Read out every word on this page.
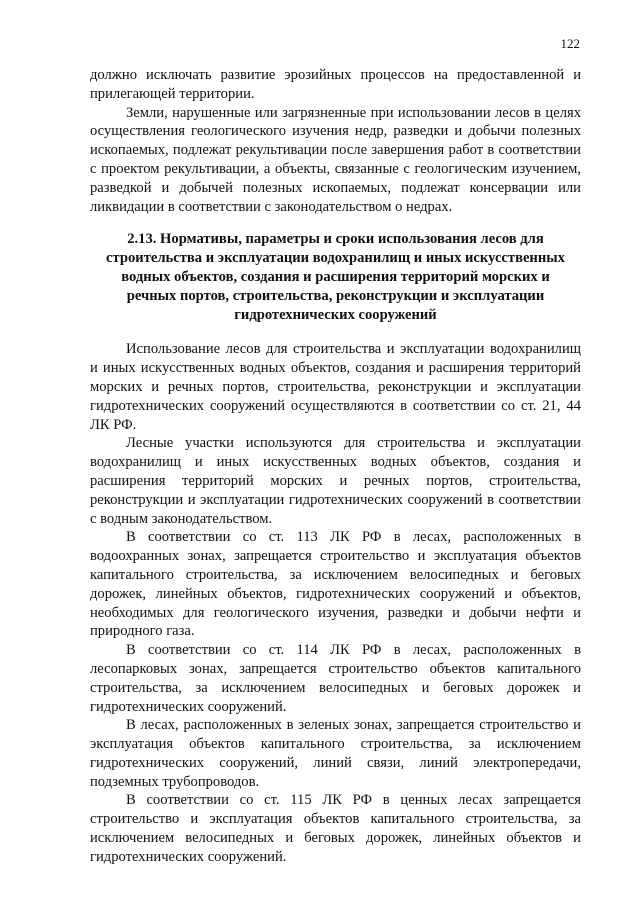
122

должно исключать развитие эрозийных процессов на предоставленной и прилегающей территории.

Земли, нарушенные или загрязненные при использовании лесов в целях осуществления геологического изучения недр, разведки и добычи полезных ископаемых, подлежат рекультивации после завершения работ в соответствии с проектом рекультивации, а объекты, связанные с геологическим изучением, разведкой и добычей полезных ископаемых, подлежат консервации или ликвидации в соответствии с законодательством о недрах.

2.13. Нормативы, параметры и сроки использования лесов для строительства и эксплуатации водохранилищ и иных искусственных водных объектов, создания и расширения территорий морских и речных портов, строительства, реконструкции и эксплуатации гидротехнических сооружений

Использование лесов для строительства и эксплуатации водохранилищ и иных искусственных водных объектов, создания и расширения территорий морских и речных портов, строительства, реконструкции и эксплуатации гидротехнических сооружений осуществляются в соответствии со ст. 21, 44 ЛК РФ.

Лесные участки используются для строительства и эксплуатации водохранилищ и иных искусственных водных объектов, создания и расширения территорий морских и речных портов, строительства, реконструкции и эксплуатации гидротехнических сооружений в соответствии с водным законодательством.

В соответствии со ст. 113 ЛК РФ в лесах, расположенных в водоохранных зонах, запрещается строительство и эксплуатация объектов капитального строительства, за исключением велосипедных и беговых дорожек, линейных объектов, гидротехнических сооружений и объектов, необходимых для геологического изучения, разведки и добычи нефти и природного газа.

В соответствии со ст. 114 ЛК РФ в лесах, расположенных в лесопарковых зонах, запрещается строительство объектов капитального строительства, за исключением велосипедных и беговых дорожек и гидротехнических сооружений.

В лесах, расположенных в зеленых зонах, запрещается строительство и эксплуатация объектов капитального строительства, за исключением гидротехнических сооружений, линий связи, линий электропередачи, подземных трубопроводов.

В соответствии со ст. 115 ЛК РФ в ценных лесах запрещается строительство и эксплуатация объектов капитального строительства, за исключением велосипедных и беговых дорожек, линейных объектов и гидротехнических сооружений.
